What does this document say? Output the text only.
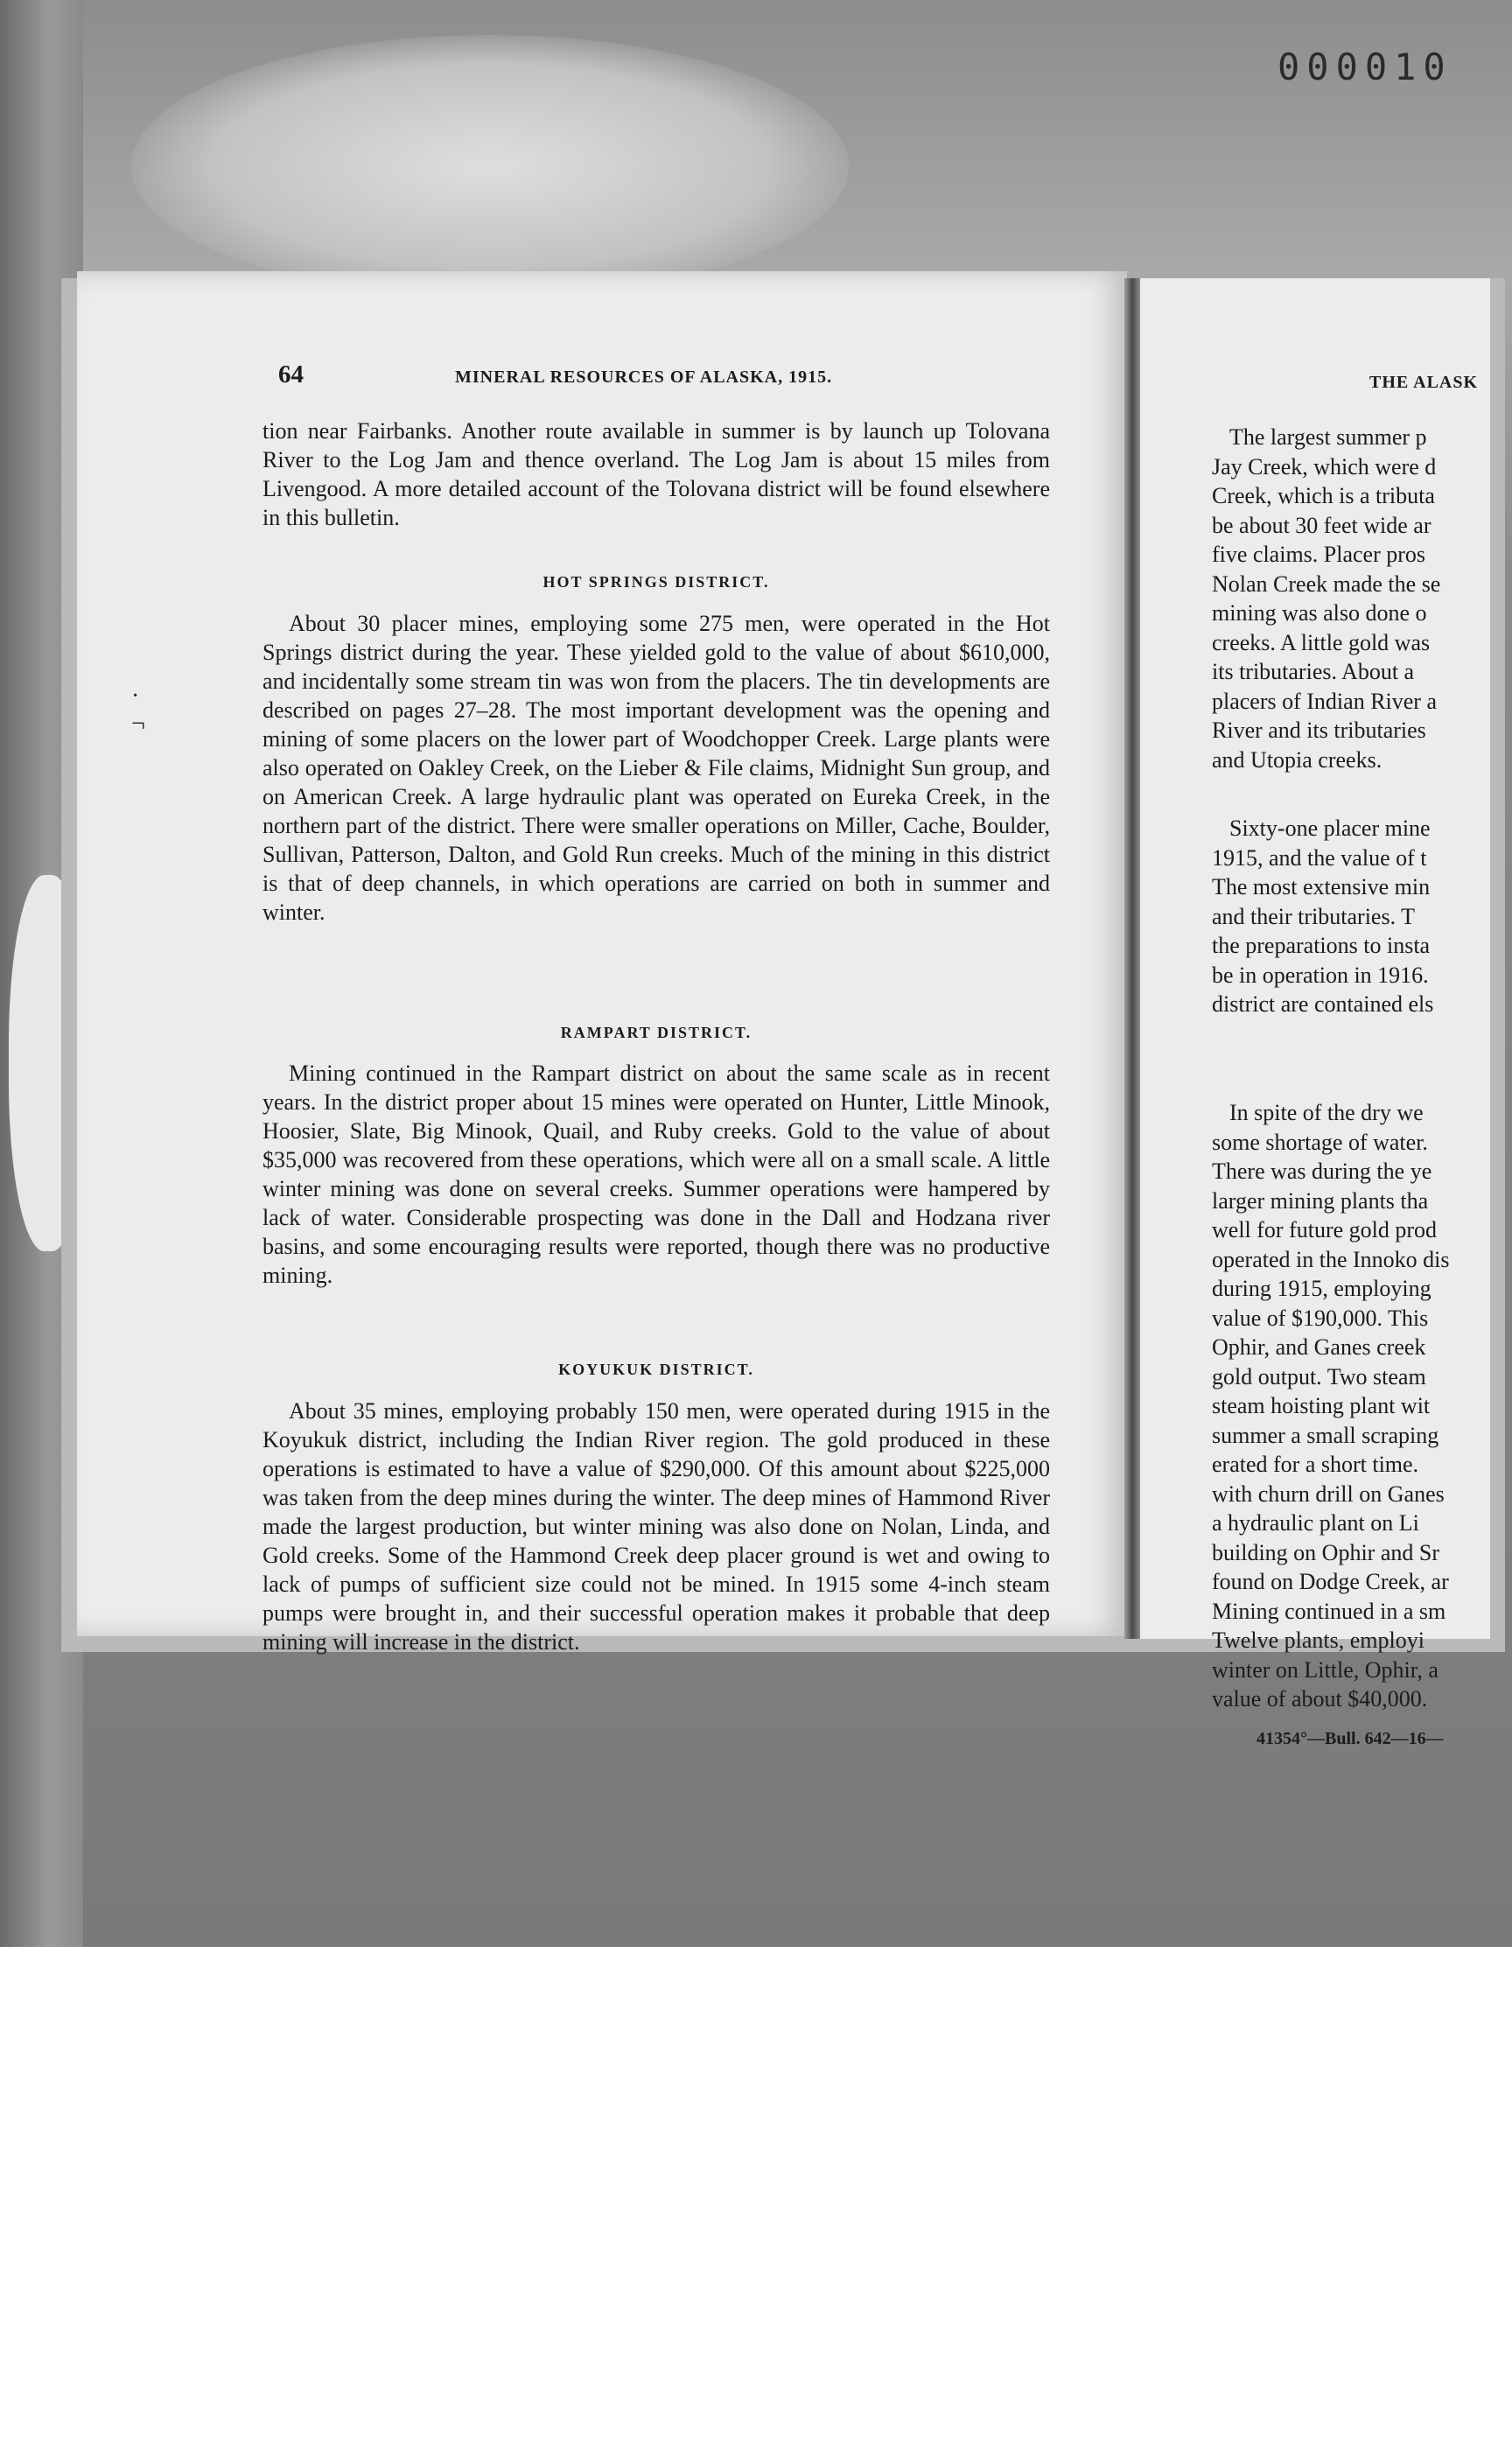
000010
64	MINERAL RESOURCES OF ALASKA, 1915.
·
¬

tion near Fairbanks. Another route available in summer is by launch up Tolovana River to the Log Jam and thence overland. The Log Jam is about 15 miles from Livengood. A more detailed account of the Tolovana district will be found elsewhere in this bulletin.

HOT SPRINGS DISTRICT.

About 30 placer mines, employing some 275 men, were operated in the Hot Springs district during the year. These yielded gold to the value of about $610,000, and incidentally some stream tin was won from the placers. The tin developments are described on pages 27–28. The most important development was the opening and mining of some placers on the lower part of Woodchopper Creek. Large plants were also operated on Oakley Creek, on the Lieber & File claims, Midnight Sun group, and on American Creek. A large hydraulic plant was operated on Eureka Creek, in the northern part of the district. There were smaller operations on Miller, Cache, Boulder, Sullivan, Patterson, Dalton, and Gold Run creeks. Much of the mining in this district is that of deep channels, in which operations are carried on both in summer and winter.

RAMPART DISTRICT.

Mining continued in the Rampart district on about the same scale as in recent years. In the district proper about 15 mines were operated on Hunter, Little Minook, Hoosier, Slate, Big Minook, Quail, and Ruby creeks. Gold to the value of about $35,000 was recovered from these operations, which were all on a small scale. A little winter mining was done on several creeks. Summer operations were hampered by lack of water. Considerable prospecting was done in the Dall and Hodzana river basins, and some encouraging results were reported, though there was no productive mining.

KOYUKUK DISTRICT.

About 35 mines, employing probably 150 men, were operated during 1915 in the Koyukuk district, including the Indian River region. The gold produced in these operations is estimated to have a value of $290,000. Of this amount about $225,000 was taken from the deep mines during the winter. The deep mines of Hammond River made the largest production, but winter mining was also done on Nolan, Linda, and Gold creeks. Some of the Hammond Creek deep placer ground is wet and owing to lack of pumps of sufficient size could not be mined. In 1915 some 4-inch steam pumps were brought in, and their successful operation makes it probable that deep mining will increase in the district.

THE ALASK
The largest summer p
Jay Creek, which were d
Creek, which is a tributa
be about 30 feet wide ar
five claims. Placer pros
Nolan Creek made the se
mining was also done o
creeks. A little gold was
its tributaries. About a
placers of Indian River a
River and its tributaries
and Utopia creeks.
Sixty-one placer mine
1915, and the value of t
The most extensive min
and their tributaries. T
the preparations to insta
be in operation in 1916.
district are contained els
In spite of the dry we
some shortage of water.
There was during the ye
larger mining plants tha
well for future gold prod
operated in the Innoko dis
during 1915, employing
value of $190,000. This
Ophir, and Ganes creek
gold output. Two steam
steam hoisting plant wit
summer a small scraping
erated for a short time.
with churn drill on Ganes
a hydraulic plant on Li
building on Ophir and Sr
found on Dodge Creek, ar
Mining continued in a sm
Twelve plants, employi
winter on Little, Ophir, a
value of about $40,000.
41354°—Bull. 642—16—
